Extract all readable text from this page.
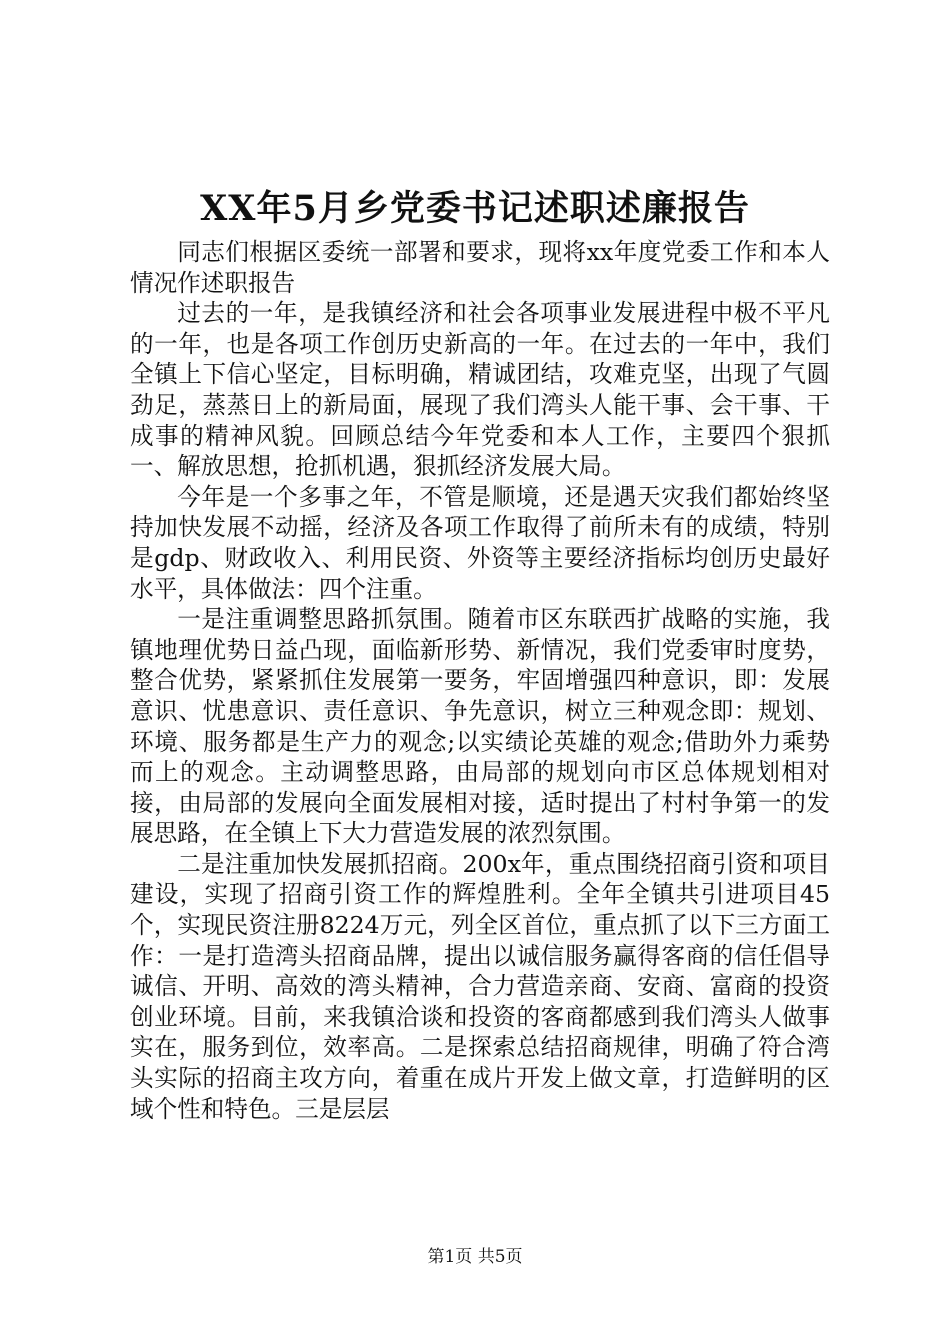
XX年5月乡党委书记述职述廉报告

同志们根据区委统一部署和要求，现将xx年度党委工作和本人情况作述职报告

过去的一年，是我镇经济和社会各项事业发展进程中极不平凡的一年，也是各项工作创历史新高的一年。在过去的一年中，我们全镇上下信心坚定，目标明确，精诚团结，攻难克坚，出现了气圆劲足，蒸蒸日上的新局面，展现了我们湾头人能干事、会干事、干成事的精神风貌。回顾总结今年党委和本人工作，主要四个狠抓一、解放思想，抢抓机遇，狠抓经济发展大局。

今年是一个多事之年，不管是顺境，还是遇天灾我们都始终坚持加快发展不动摇，经济及各项工作取得了前所未有的成绩，特别是gdp、财政收入、利用民资、外资等主要经济指标均创历史最好水平，具体做法：四个注重。

一是注重调整思路抓氛围。随着市区东联西扩战略的实施，我镇地理优势日益凸现，面临新形势、新情况，我们党委审时度势，整合优势，紧紧抓住发展第一要务，牢固增强四种意识，即：发展意识、忧患意识、责任意识、争先意识，树立三种观念即：规划、环境、服务都是生产力的观念;以实绩论英雄的观念;借助外力乘势而上的观念。主动调整思路，由局部的规划向市区总体规划相对接，由局部的发展向全面发展相对接，适时提出了村村争第一的发展思路，在全镇上下大力营造发展的浓烈氛围。

二是注重加快发展抓招商。200x年，重点围绕招商引资和项目建设，实现了招商引资工作的辉煌胜利。全年全镇共引进项目45个，实现民资注册8224万元，列全区首位，重点抓了以下三方面工作：一是打造湾头招商品牌，提出以诚信服务赢得客商的信任倡导诚信、开明、高效的湾头精神，合力营造亲商、安商、富商的投资创业环境。目前，来我镇洽谈和投资的客商都感到我们湾头人做事实在，服务到位，效率高。二是探索总结招商规律，明确了符合湾头实际的招商主攻方向，着重在成片开发上做文章，打造鲜明的区域个性和特色。三是层层

第1页 共5页
